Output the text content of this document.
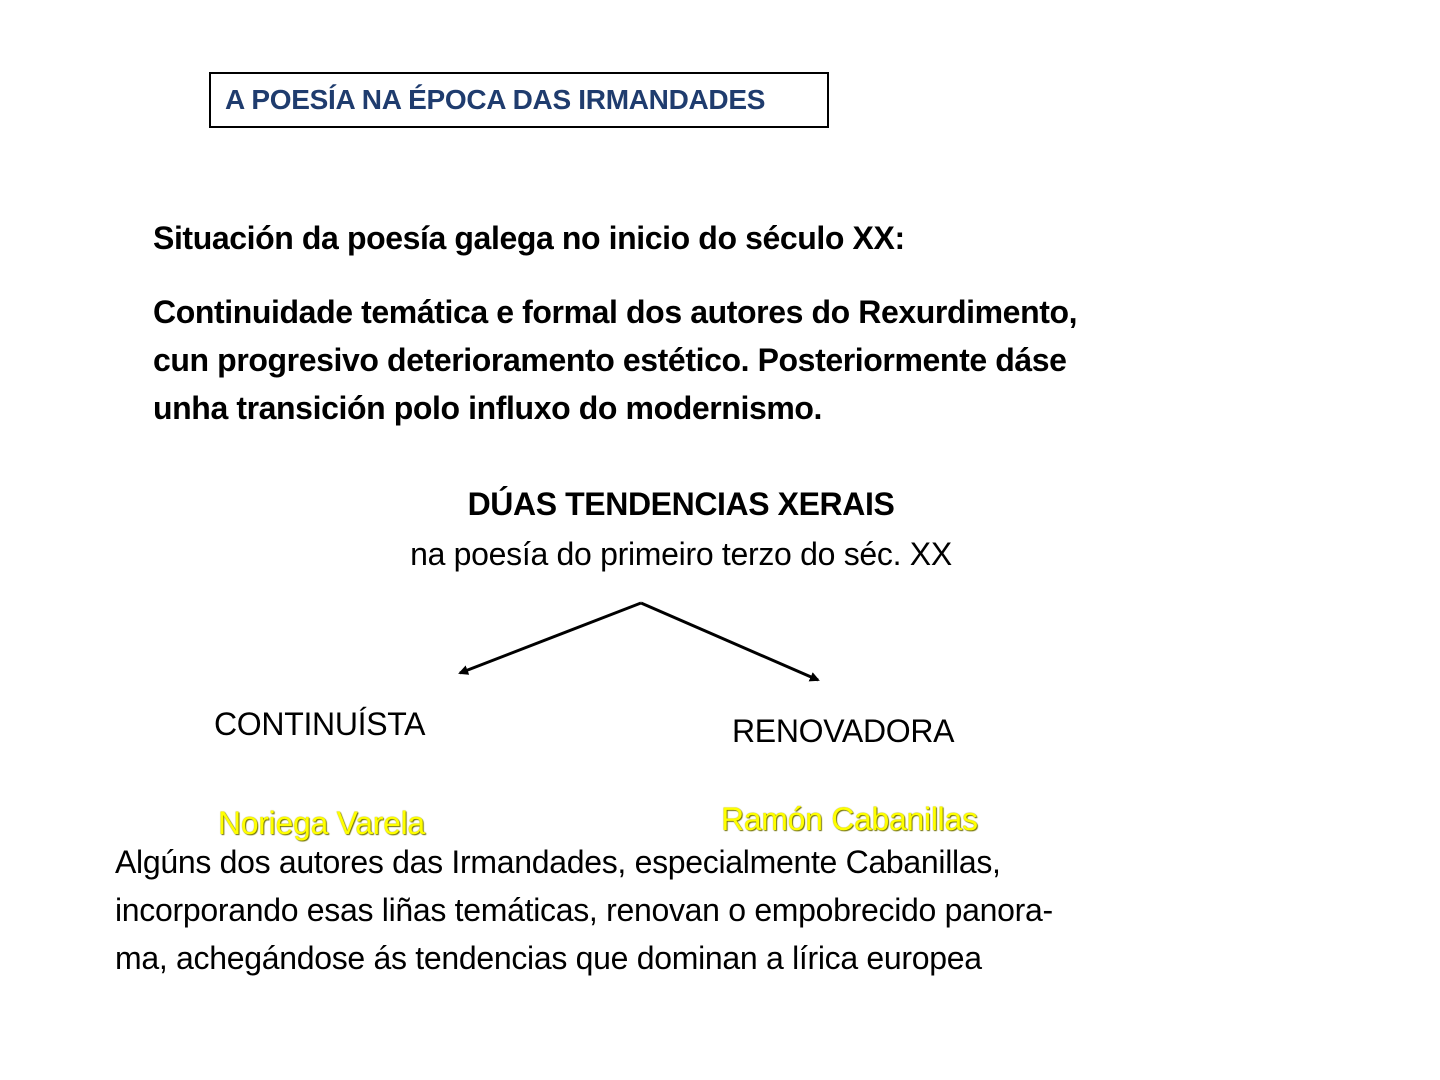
A POESÍA NA ÉPOCA DAS IRMANDADES
Situación da poesía galega no inicio do século XX:
Continuidade temática e formal dos autores do Rexurdimento,
cun progresivo deterioramento estético. Posteriormente dáse
unha transición polo influxo do modernismo.
DÚAS TENDENCIAS XERAIS
na poesía do primeiro terzo do séc. XX
CONTINUÍSTA	RENOVADORA
Noriega Varela	Ramón Cabanillas
Algúns dos autores das Irmandades, especialmente Cabanillas,
incorporando esas liñas temáticas, renovan o empobrecido panora-
ma, achegándose ás tendencias que dominan a lírica europea
